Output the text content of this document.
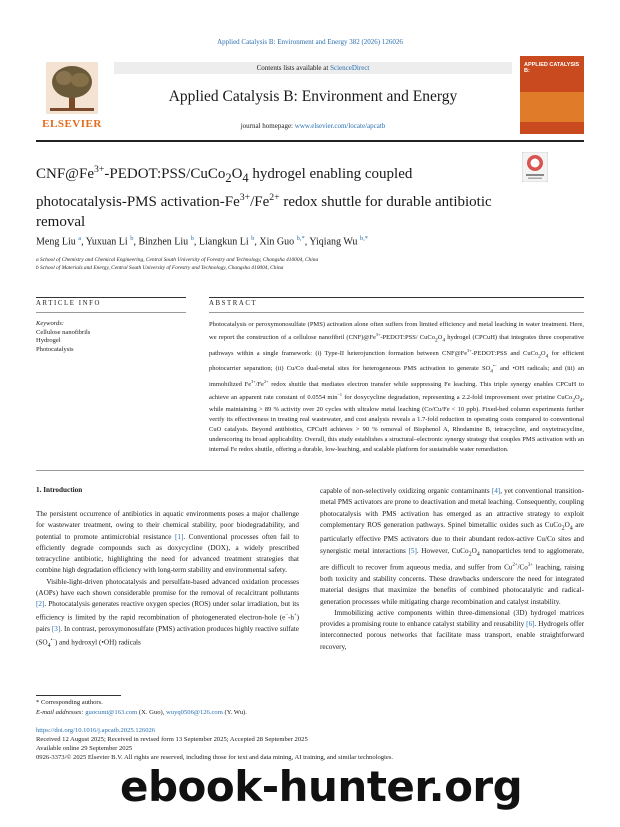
Applied Catalysis B: Environment and Energy 382 (2026) 126026
ELSEVIER
Contents lists available at ScienceDirect
Applied Catalysis B: Environment and Energy
journal homepage: www.elsevier.com/locate/apcatb
APPLIED CATALYSIS B:
$CNF@Fe^{3+}-PEDOT:PSS/CuCo_2O_4$ hydrogel enabling coupled photocatalysis-PMS activation-$Fe^{3+}/Fe^{2+}$ redox shuttle for durable antibiotic removal
Meng Liu $^a$, Yuxuan Li $^b$, Binzhen Liu $^b$, Liangkun Li $^b$, Xin Guo $^{b,*}$, Yiqiang Wu $^{b,*}$
a School of Chemistry and Chemical Engineering, Central South University of Forestry and Technology, Changsha 410004, China
b School of Materials and Energy, Central South University of Forestry and Technology, Changsha 410004, China
ARTICLE INFO	ABSTRACT
Keywords:
Cellulose nanofibrils
Hydrogel
Photocatalysis
Photocatalysis or peroxymonosulfate (PMS) activation alone often suffers from limited efficiency and metal leaching in water treatment. Here, we report the construction of a cellulose nanofibril $(CNF)@Fe^{3+}-PEDOT:PSS/$ $CuCo_2O_4$ hydrogel (CPCuH) that integrates three cooperative pathways within a single framework: (i) Type-II heterojunction formation between $CNF@Fe^{3+}-PEDOT:PSS$ and $CuCo_2O_4$ for efficient photocarrier separation; (ii) Cu/Co dual-metal sites for heterogeneous PMS activation to generate $SO_4^{•-}$ and •OH radicals; and (iii) an immobilized $Fe^{3+}/Fe^{2+}$ redox shuttle that mediates electron transfer while suppressing Fe leaching. This triple synergy enables CPCuH to achieve an apparent rate constant of 0.0554 $\min^{-1}$ for doxycycline degradation, representing a 2.2-fold improvement over pristine $CuCo_2O_4$, while maintaining > 89 % activity over 20 cycles with ultralow metal leaching (Co/Cu/Fe < 10 ppb). Fixed-bed column experiments further verify its effectiveness in treating real wastewater, and cost analysis reveals a 1.7-fold reduction in operating costs compared to conventional CuO catalysts. Beyond antibiotics, CPCuH achieves > 90 % removal of Bisphenol A, Rhodamine B, tetracycline, and oxytetracycline, underscoring its broad applicability. Overall, this study establishes a structural–electronic synergy strategy that couples PMS activation with an internal Fe redox shuttle, offering a durable, low-leaching, and scalable platform for sustainable water remediation.
1. Introduction
The persistent occurrence of antibiotics in aquatic environments poses a major challenge for wastewater treatment, owing to their chemical stability, poor biodegradability, and potential to promote antimicrobial resistance [1]. Conventional processes often fail to efficiently degrade compounds such as doxycycline (DOX), a widely prescribed tetracycline antibiotic, highlighting the need for advanced treatment strategies that combine high degradation efficiency with long-term stability and environmental safety.
Visible-light-driven photocatalysis and persulfate-based advanced oxidation processes (AOPs) have each shown considerable promise for the removal of recalcitrant pollutants [2]. Photocatalysis generates reactive oxygen species (ROS) under solar irradiation, but its efficiency is limited by the rapid recombination of photogenerated electron-hole (e−-h+) pairs [3]. In contrast, peroxymonosulfate (PMS) activation produces highly reactive sulfate $(SO_4^{•-})$ and hydroxyl (•OH) radicals
capable of non-selectively oxidizing organic contaminants [4], yet conventional transition-metal PMS activators are prone to deactivation and metal leaching. Consequently, coupling photocatalysis with PMS activation has emerged as an attractive strategy to exploit complementary ROS generation pathways. Spinel bimetallic oxides such as $CuCo_2O_4$ are particularly effective PMS activators due to their abundant redox-active Cu/Co sites and synergistic metal interactions [5]. However, $CuCo_2O_4$ nanoparticles tend to agglomerate, are difficult to recover from aqueous media, and suffer from $Cu^{2+}/Co^{3+}$ leaching, raising both toxicity and stability concerns. These drawbacks underscore the need for integrated material designs that maximize the benefits of combined photocatalytic and radical-generation processes while mitigating charge recombination and catalyst instability.
Immobilizing active components within three-dimensional (3D) hydrogel matrices provides a promising route to enhance catalyst stability and reusability [6]. Hydrogels offer interconnected porous networks that facilitate mass transport, enable straightforward recovery,
* Corresponding authors.
E-mail addresses: guocumt@163.com (X. Guo), wuyq0506@126.com (Y. Wu).
https://doi.org/10.1016/j.apcatb.2025.126026
Received 12 August 2025; Received in revised form 13 September 2025; Accepted 28 September 2025
Available online 29 September 2025
0926-3373/© 2025 Elsevier B.V. All rights are reserved, including those for text and data mining, AI training, and similar technologies.
ebook-hunter.org
